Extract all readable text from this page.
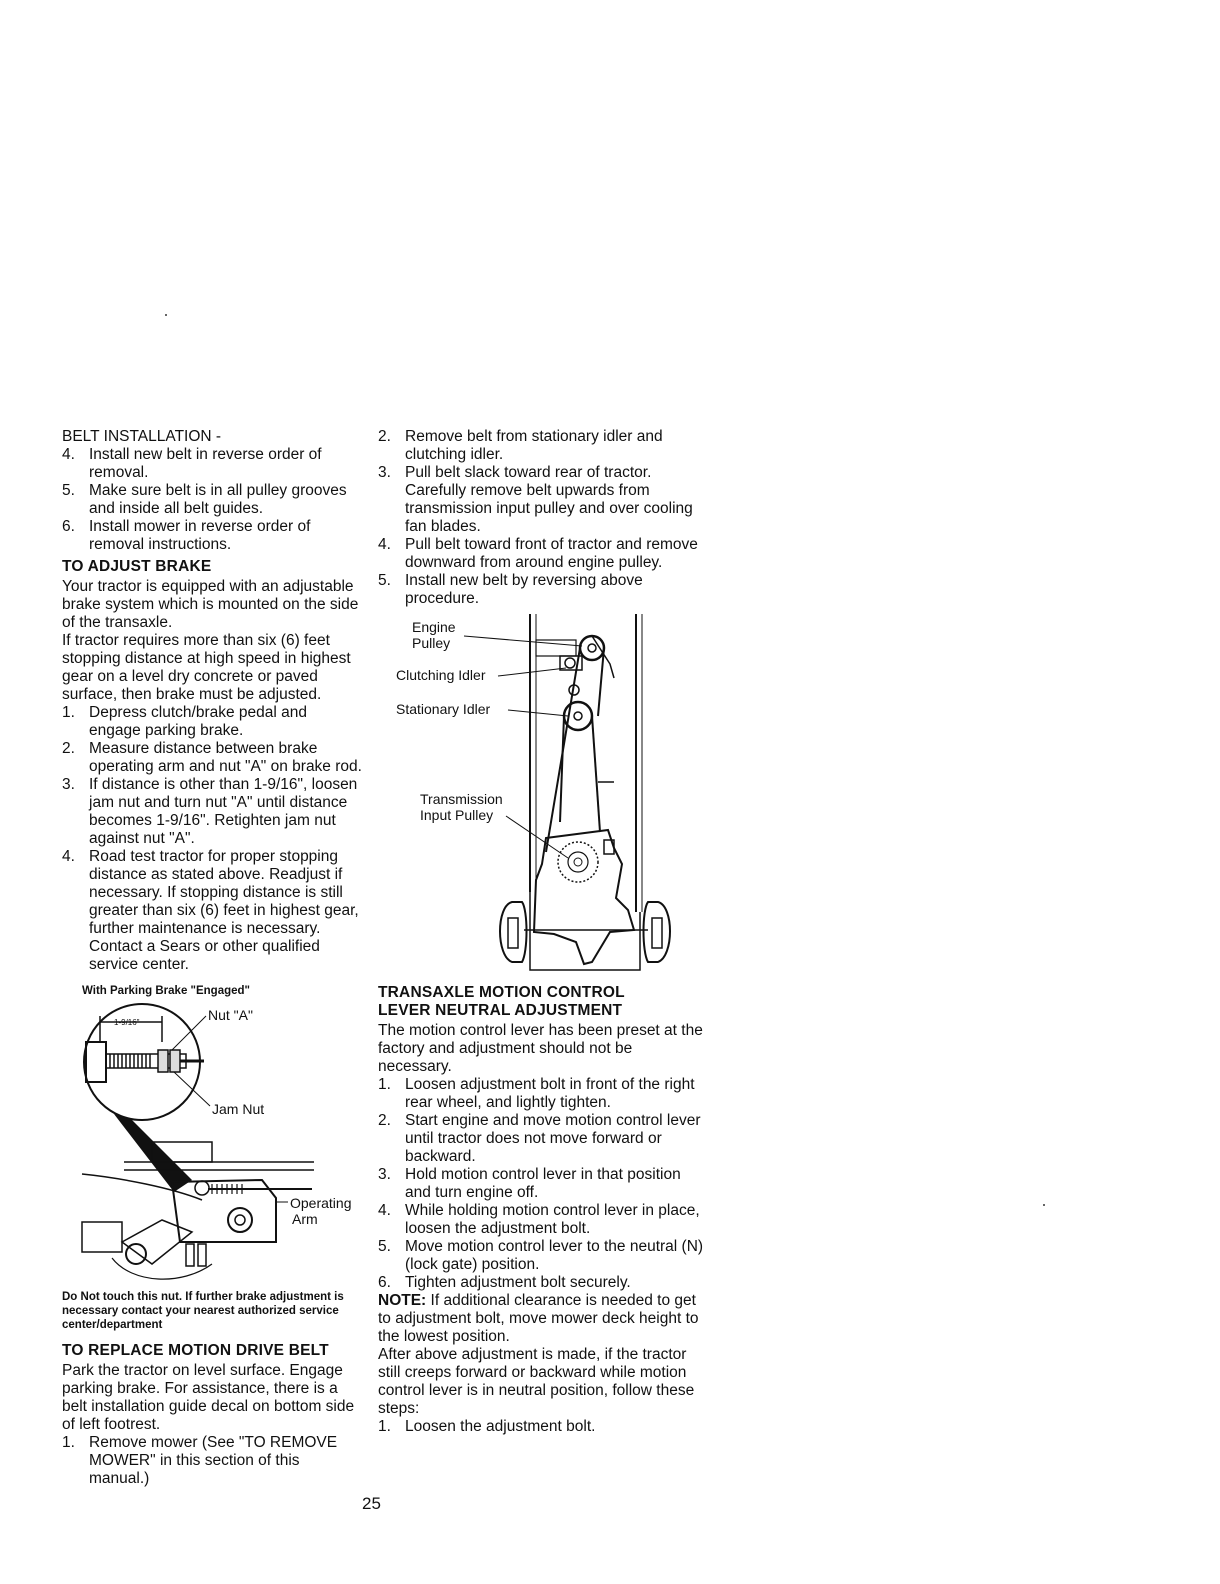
BELT INSTALLATION -
4. Install new belt in reverse order of removal.
5. Make sure belt is in all pulley grooves and inside all belt guides.
6. Install mower in reverse order of removal instructions.
TO ADJUST BRAKE

Your tractor is equipped with an adjustable brake system which is mounted on the side of the transaxle.

If tractor requires more than six (6) feet stopping distance at high speed in highest gear on a level dry concrete or paved surface, then brake must be adjusted.

1. Depress clutch/brake pedal and engage parking brake.
2. Measure distance between brake operating arm and nut "A" on brake rod.
3. If distance is other than 1-9/16", loosen jam nut and turn nut "A" until distance becomes 1-9/16". Retighten jam nut against nut "A".
4. Road test tractor for proper stopping distance as stated above. Readjust if necessary. If stopping distance is still greater than six (6) feet in highest gear, further maintenance is necessary. Contact a Sears or other qualified service center.
With Parking Brake "Engaged"
1-9/16"	Nut "A"
Jam Nut
Operating
Arm
Do Not touch this nut. If further brake adjustment is necessary contact your nearest authorized service center/department
TO REPLACE MOTION DRIVE BELT

Park the tractor on level surface. Engage parking brake. For assistance, there is a belt installation guide decal on bottom side of left footrest.

1. Remove mower (See "TO REMOVE MOWER" in this section of this manual.)
2. Remove belt from stationary idler and clutching idler.
3. Pull belt slack toward rear of tractor. Carefully remove belt upwards from transmission input pulley and over cooling fan blades.
4. Pull belt toward front of tractor and remove downward from around engine pulley.
5. Install new belt by reversing above procedure.
Engine
Pulley
Clutching Idler
Stationary Idler
Transmission
Input Pulley
TRANSAXLE MOTION CONTROL
LEVER NEUTRAL ADJUSTMENT

The motion control lever has been preset at the factory and adjustment should not be necessary.

1. Loosen adjustment bolt in front of the right rear wheel, and lightly tighten.
2. Start engine and move motion control lever until tractor does not move forward or backward.
3. Hold motion control lever in that position and turn engine off.
4. While holding motion control lever in place, loosen the adjustment bolt.
5. Move motion control lever to the neutral (N) (lock gate) position.
6. Tighten adjustment bolt securely.

NOTE: If additional clearance is needed to get to adjustment bolt, move mower deck height to the lowest position.

After above adjustment is made, if the tractor still creeps forward or backward while motion control lever is in neutral position, follow these steps:

1. Loosen the adjustment bolt.
25
